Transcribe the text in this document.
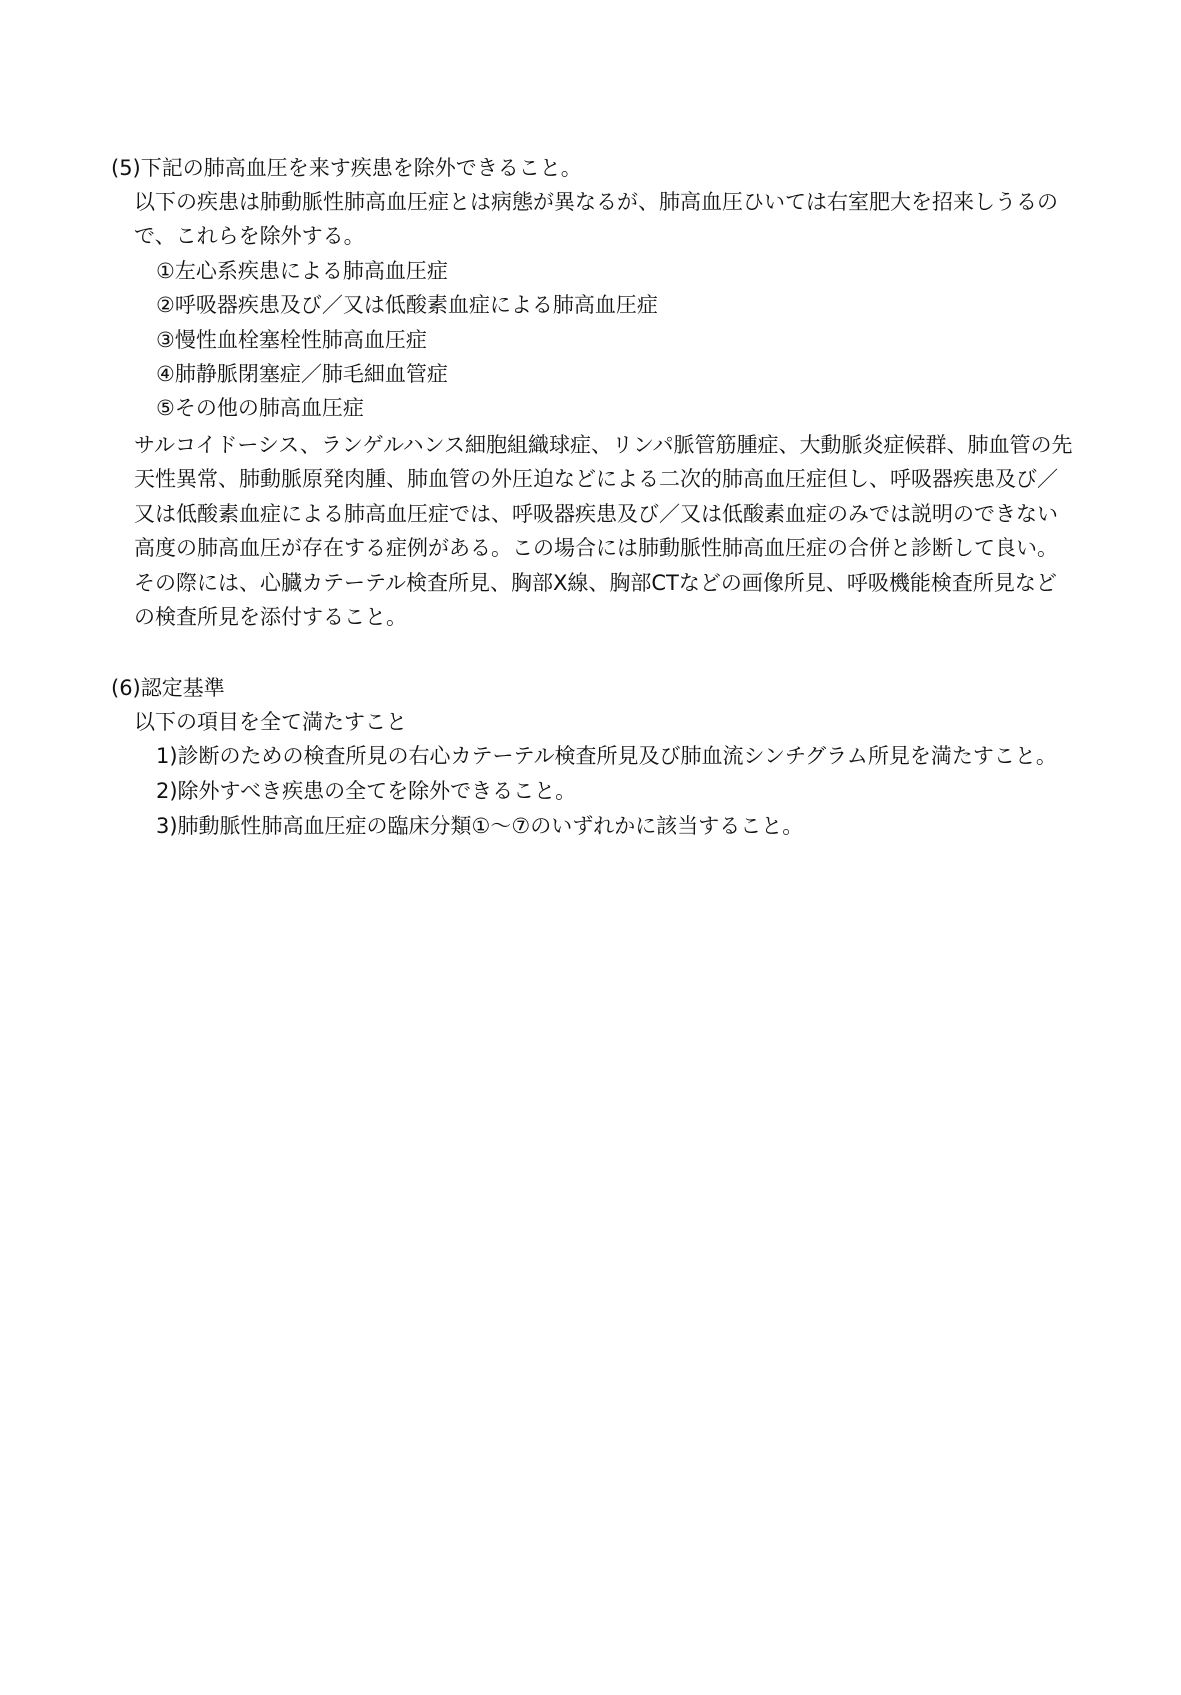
(5)下記の肺高血圧を来す疾患を除外できること。
以下の疾患は肺動脈性肺高血圧症とは病態が異なるが、肺高血圧ひいては右室肥大を招来しうるの
で、これらを除外する。
①左心系疾患による肺高血圧症
②呼吸器疾患及び／又は低酸素血症による肺高血圧症
③慢性血栓塞栓性肺高血圧症
④肺静脈閉塞症／肺毛細血管症
⑤その他の肺高血圧症
サルコイドーシス、ランゲルハンス細胞組織球症、リンパ脈管筋腫症、大動脈炎症候群、肺血管の先
天性異常、肺動脈原発肉腫、肺血管の外圧迫などによる二次的肺高血圧症但し、呼吸器疾患及び／
又は低酸素血症による肺高血圧症では、呼吸器疾患及び／又は低酸素血症のみでは説明のできない
高度の肺高血圧が存在する症例がある。この場合には肺動脈性肺高血圧症の合併と診断して良い。
その際には、心臓カテーテル検査所見、胸部X線、胸部CTなどの画像所見、呼吸機能検査所見など
の検査所見を添付すること。
(6)認定基準
以下の項目を全て満たすこと
1)診断のための検査所見の右心カテーテル検査所見及び肺血流シンチグラム所見を満たすこと。
2)除外すべき疾患の全てを除外できること。
3)肺動脈性肺高血圧症の臨床分類①～⑦のいずれかに該当すること。
